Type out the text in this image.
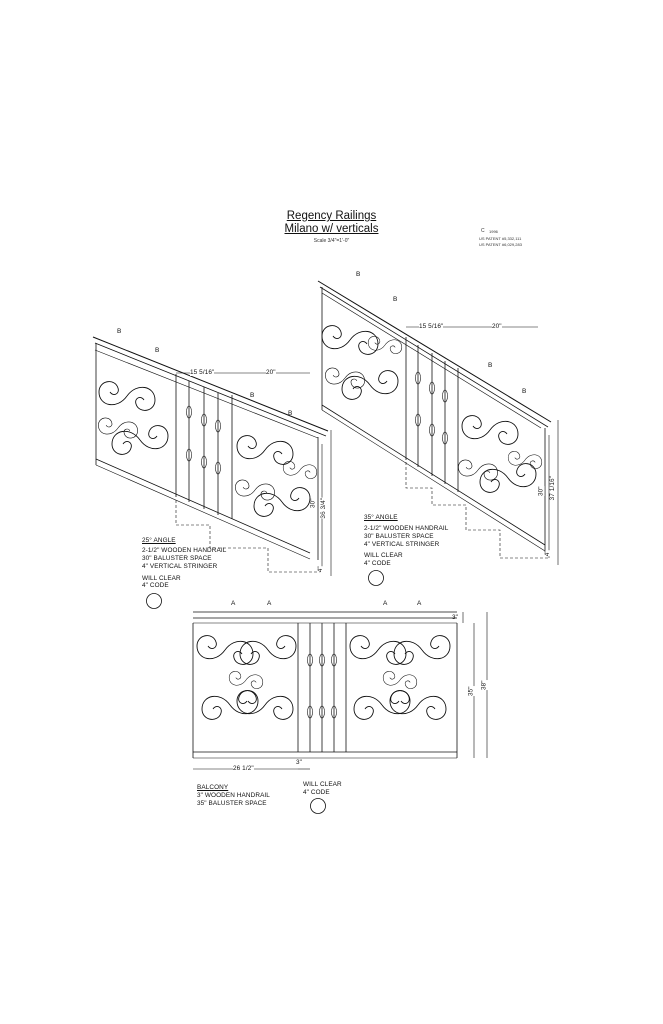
Regency Railings
Milano w/ verticals
Scale 3/4"=1'-0"
C 1996
US PATENT #5,332,111
US PATENT #6,029,283
B
B
B
B
15 5/16"	20"
30" 36 3/4"
4"
25° ANGLE
2-1/2" WOODEN HANDRAIL
30" BALUSTER SPACE
4" VERTICAL STRINGER
WILL CLEAR
4" CODE
B
B
B
B
15 5/16"	20"
30" 37 1/16"
4"
35° ANGLE
2-1/2" WOODEN HANDRAIL
30" BALUSTER SPACE
4" VERTICAL STRINGER
WILL CLEAR
4" CODE
A	A	A	A
3"
35"
38"
26 1/2"
3"
BALCONY
3" WOODEN HANDRAIL
35" BALUSTER SPACE
WILL CLEAR
4" CODE
